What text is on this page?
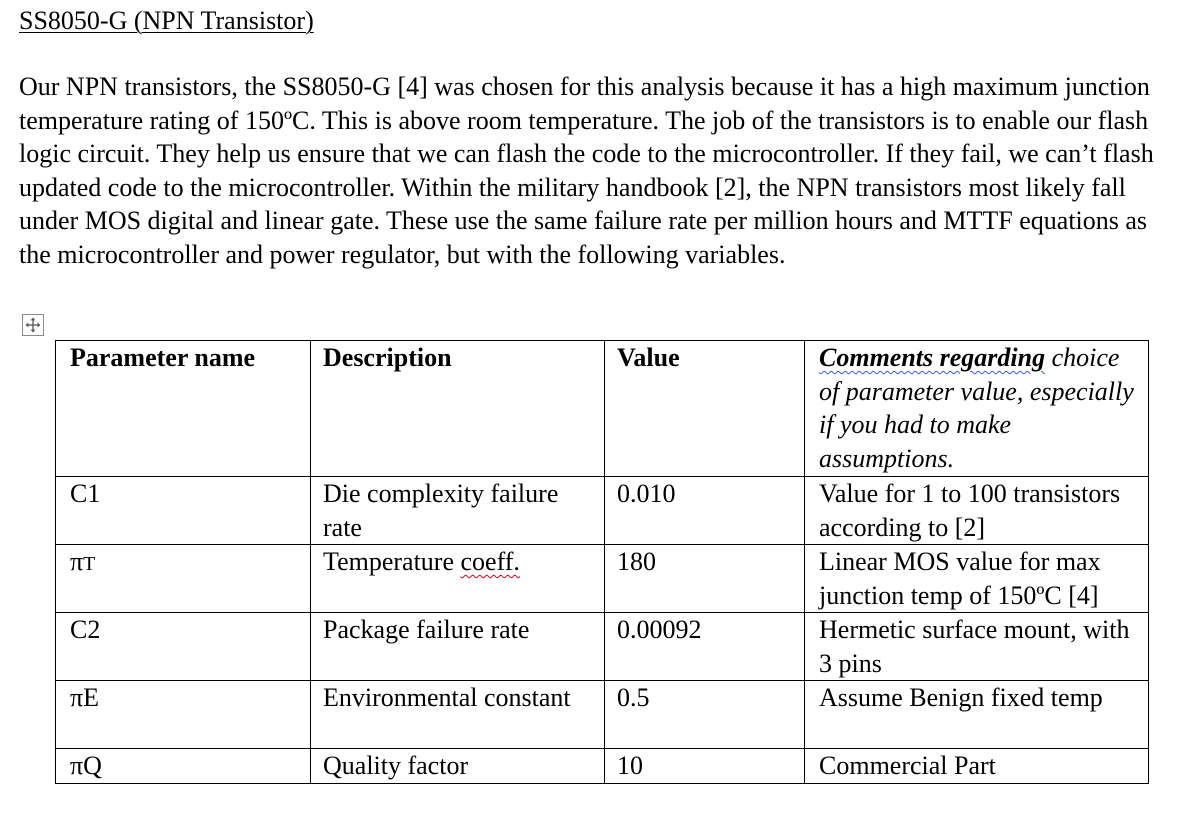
SS8050-G (NPN Transistor)

Our NPN transistors, the SS8050-G [4] was chosen for this analysis because it has a high maximum junction temperature rating of 150ºC. This is above room temperature. The job of the transistors is to enable our flash logic circuit. They help us ensure that we can flash the code to the microcontroller. If they fail, we can’t flash updated code to the microcontroller. Within the military handbook [2], the NPN transistors most likely fall under MOS digital and linear gate. These use the same failure rate per million hours and MTTF equations as the microcontroller and power regulator, but with the following variables.

Parameter name	Description	Value	Comments regarding choice of parameter value, especially if you had to make assumptions.
C1	Die complexity failure rate	0.010	Value for 1 to 100 transistors according to [2]
πT	Temperature coeff.	180	Linear MOS value for max junction temp of 150ºC [4]
C2	Package failure rate	0.00092	Hermetic surface mount, with 3 pins
πE	Environmental constant	0.5	Assume Benign fixed temp
πQ	Quality factor	10	Commercial Part
